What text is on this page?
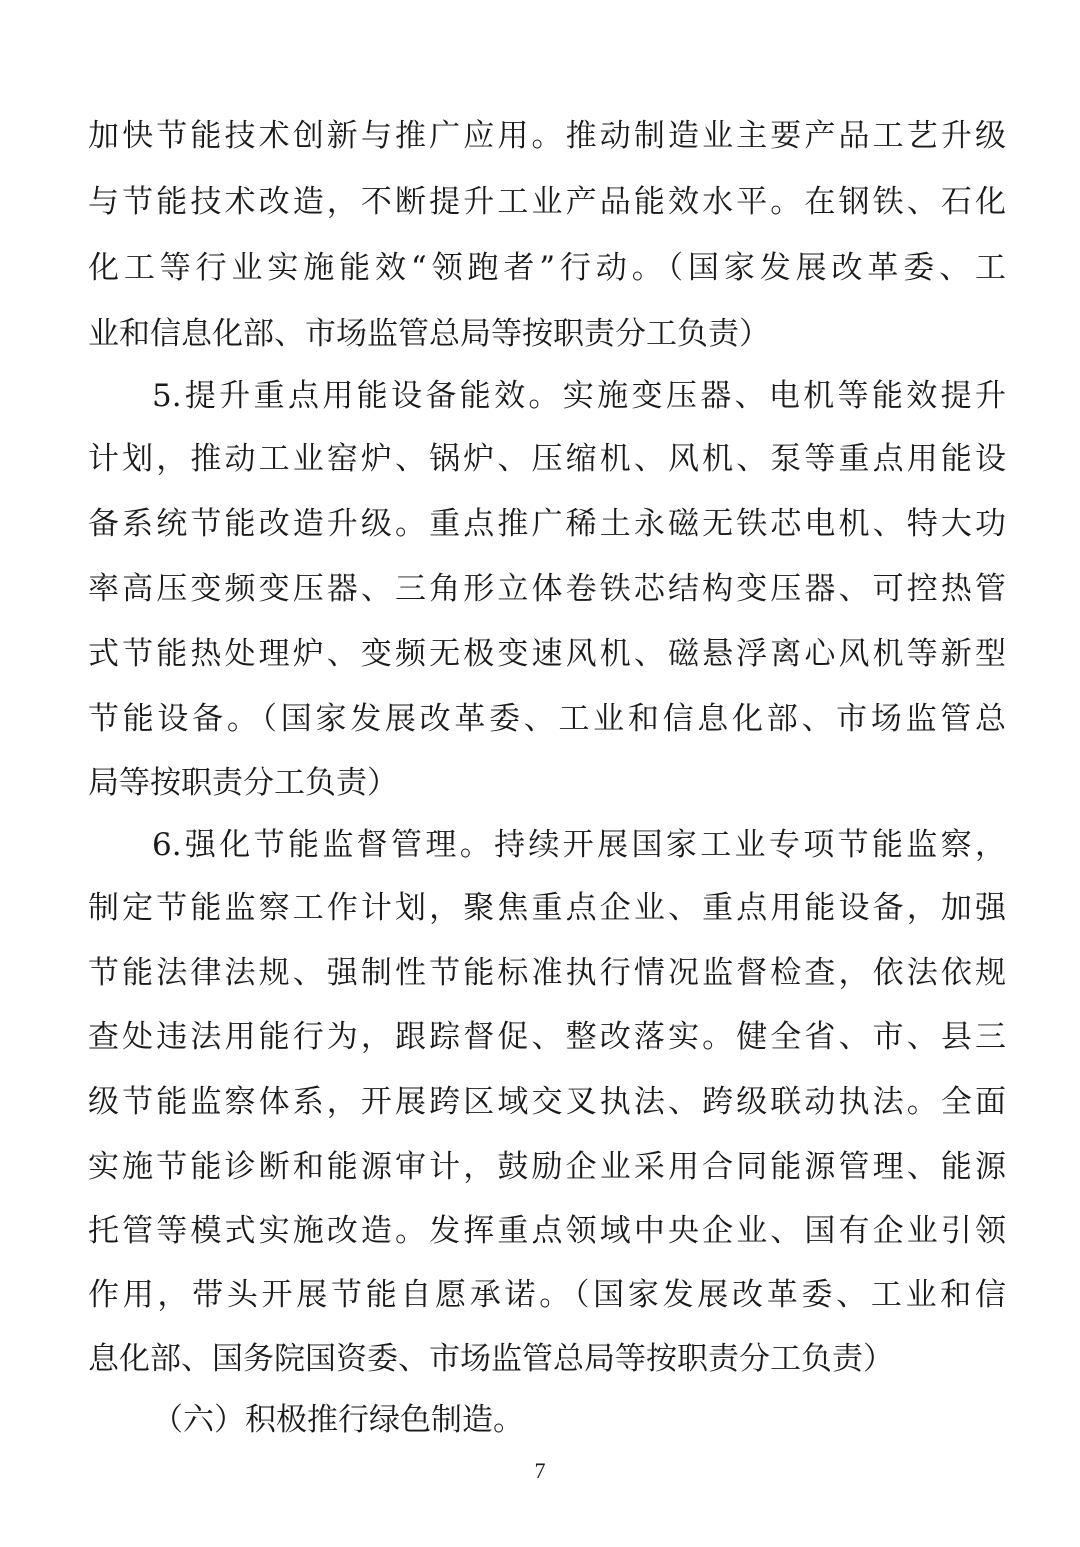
加快节能技术创新与推广应用。推动制造业主要产品工艺升级
与节能技术改造，不断提升工业产品能效水平。在钢铁、石化
化工等行业实施能效“领跑者”行动。（国家发展改革委、工
业和信息化部、市场监管总局等按职责分工负责）
5.提升重点用能设备能效。实施变压器、电机等能效提升
计划，推动工业窑炉、锅炉、压缩机、风机、泵等重点用能设
备系统节能改造升级。重点推广稀土永磁无铁芯电机、特大功
率高压变频变压器、三角形立体卷铁芯结构变压器、可控热管
式节能热处理炉、变频无极变速风机、磁悬浮离心风机等新型
节能设备。（国家发展改革委、工业和信息化部、市场监管总
局等按职责分工负责）
6.强化节能监督管理。持续开展国家工业专项节能监察，
制定节能监察工作计划，聚焦重点企业、重点用能设备，加强
节能法律法规、强制性节能标准执行情况监督检查，依法依规
查处违法用能行为，跟踪督促、整改落实。健全省、市、县三
级节能监察体系，开展跨区域交叉执法、跨级联动执法。全面
实施节能诊断和能源审计，鼓励企业采用合同能源管理、能源
托管等模式实施改造。发挥重点领域中央企业、国有企业引领
作用，带头开展节能自愿承诺。（国家发展改革委、工业和信
息化部、国务院国资委、市场监管总局等按职责分工负责）
（六）积极推行绿色制造。
7
